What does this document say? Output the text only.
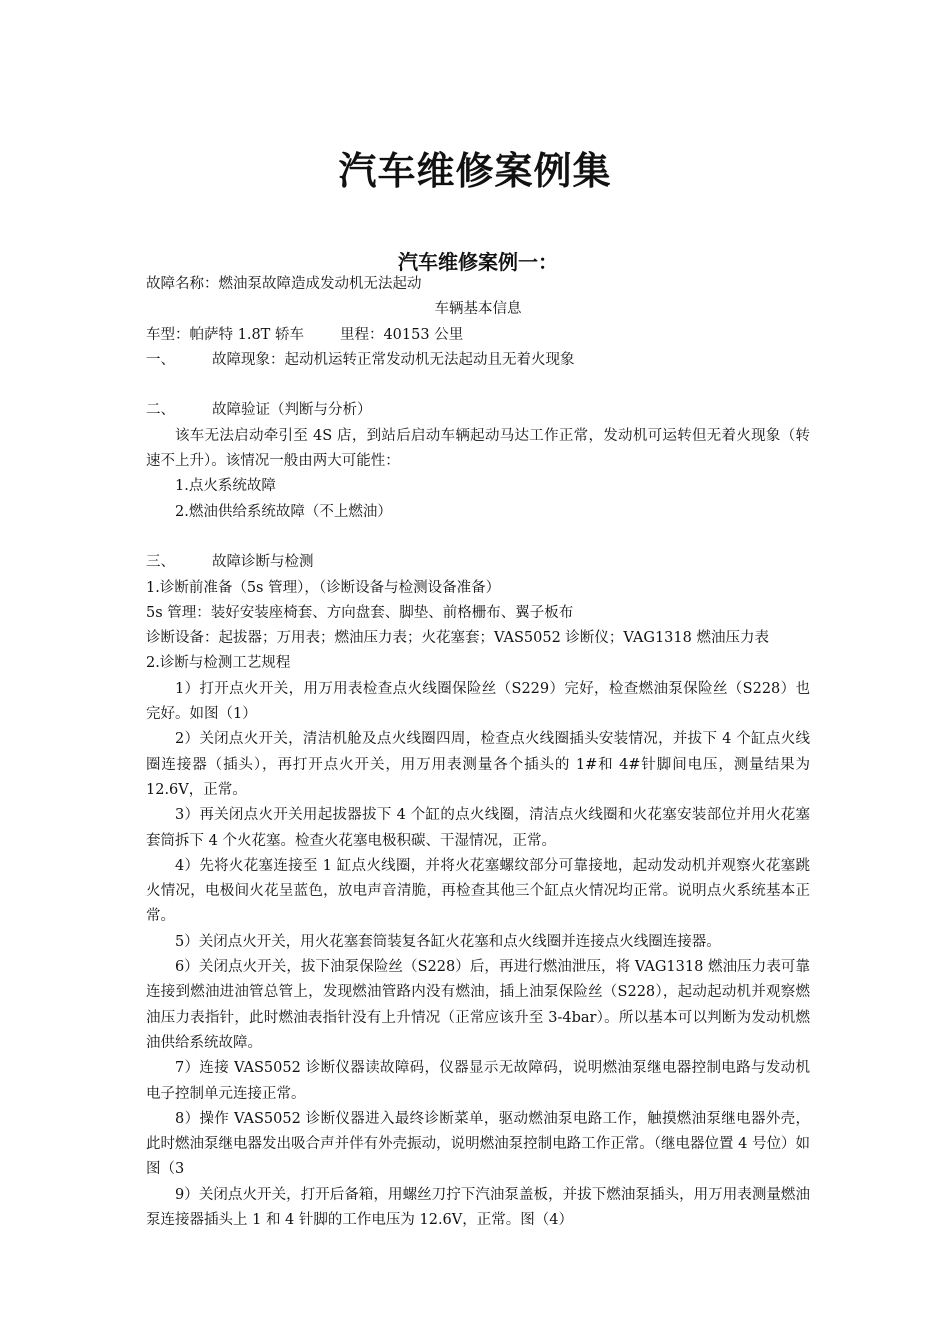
汽车维修案例集
汽车维修案例一：
故障名称：燃油泵故障造成发动机无法起动
车辆基本信息
车型：帕萨特 1.8T 轿车 里程：40153 公里
一、	故障现象：起动机运转正常发动机无法起动且无着火现象
二、	故障验证（判断与分析）
该车无法启动牵引至 4S 店，到站后启动车辆起动马达工作正常，发动机可运转但无着火现象（转速不上升）。该情况一般由两大可能性：
1.点火系统故障
2.燃油供给系统故障（不上燃油）
三、	故障诊断与检测
1.诊断前准备（5s 管理），（诊断设备与检测设备准备）
5s 管理：装好安装座椅套、方向盘套、脚垫、前格栅布、翼子板布
诊断设备：起拔器；万用表；燃油压力表；火花塞套；VAS5052 诊断仪；VAG1318 燃油压力表
2.诊断与检测工艺规程
1）打开点火开关，用万用表检查点火线圈保险丝（S229）完好，检查燃油泵保险丝（S228）也完好。如图（1）
2）关闭点火开关，清洁机舱及点火线圈四周，检查点火线圈插头安装情况，并拔下 4 个缸点火线圈连接器（插头），再打开点火开关，用万用表测量各个插头的 1#和 4#针脚间电压，测量结果为 12.6V，正常。
3）再关闭点火开关用起拔器拔下 4 个缸的点火线圈，清洁点火线圈和火花塞安装部位并用火花塞套筒拆下 4 个火花塞。检查火花塞电极积碳、干湿情况，正常。
4）先将火花塞连接至 1 缸点火线圈，并将火花塞螺纹部分可靠接地，起动发动机并观察火花塞跳火情况，电极间火花呈蓝色，放电声音清脆，再检查其他三个缸点火情况均正常。说明点火系统基本正常。
5）关闭点火开关，用火花塞套筒装复各缸火花塞和点火线圈并连接点火线圈连接器。
6）关闭点火开关，拔下油泵保险丝（S228）后，再进行燃油泄压，将 VAG1318 燃油压力表可靠连接到燃油进油管总管上，发现燃油管路内没有燃油，插上油泵保险丝（S228），起动起动机并观察燃油压力表指针，此时燃油表指针没有上升情况（正常应该升至 3-4bar）。所以基本可以判断为发动机燃油供给系统故障。
7）连接 VAS5052 诊断仪器读故障码，仪器显示无故障码，说明燃油泵继电器控制电路与发动机电子控制单元连接正常。
8）操作 VAS5052 诊断仪器进入最终诊断菜单，驱动燃油泵电路工作，触摸燃油泵继电器外壳，此时燃油泵继电器发出吸合声并伴有外壳振动，说明燃油泵控制电路工作正常。（继电器位置 4 号位）如图（3
9）关闭点火开关，打开后备箱，用螺丝刀拧下汽油泵盖板，并拔下燃油泵插头，用万用表测量燃油泵连接器插头上 1 和 4 针脚的工作电压为 12.6V，正常。图（4）
